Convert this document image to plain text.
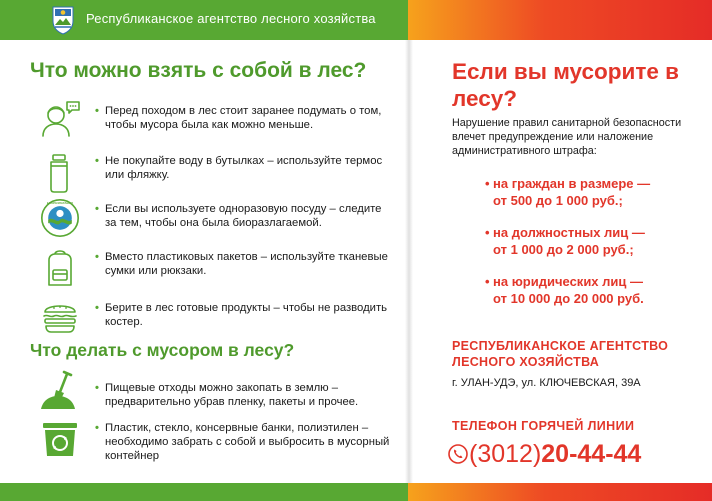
Республиканское агентство лесного хозяйства
Что можно взять с собой в лес?
• Перед походом в лес стоит заранее подумать о том, чтобы мусора была как можно меньше.
• Не покупайте воду в бутылках – используйте термос или фляжку.
БИОРАЗЛАГАЕМО
• Если вы используете одноразовую посуду – следите за тем, чтобы она была биоразлагаемой.
• Вместо пластиковых пакетов – используйте тканевые сумки или рюкзаки.
• Берите в лес готовые продукты – чтобы не разводить костер.
Что делать с мусором в лесу?
• Пищевые отходы можно закопать в землю – предварительно убрав пленку, пакеты и прочее.
• Пластик, стекло, консервные банки, полиэтилен – необходимо забрать с собой и выбросить в мусорный контейнер
Если вы мусорите в лесу?
Нарушение правил санитарной безопасности влечет предупреждение или наложение административного штрафа:
• на граждан в размере —
от 500 до 1 000 руб.;
• на должностных лиц —
от 1 000 до 2 000 руб.;
• на юридических лиц —
от 10 000 до 20 000 руб.
РЕСПУБЛИКАНСКОЕ АГЕНТСТВО
ЛЕСНОГО ХОЗЯЙСТВА
г. УЛАН-УДЭ, ул. КЛЮЧЕВСКАЯ, 39А
ТЕЛЕФОН ГОРЯЧЕЙ ЛИНИИ
(3012)20-44-44
